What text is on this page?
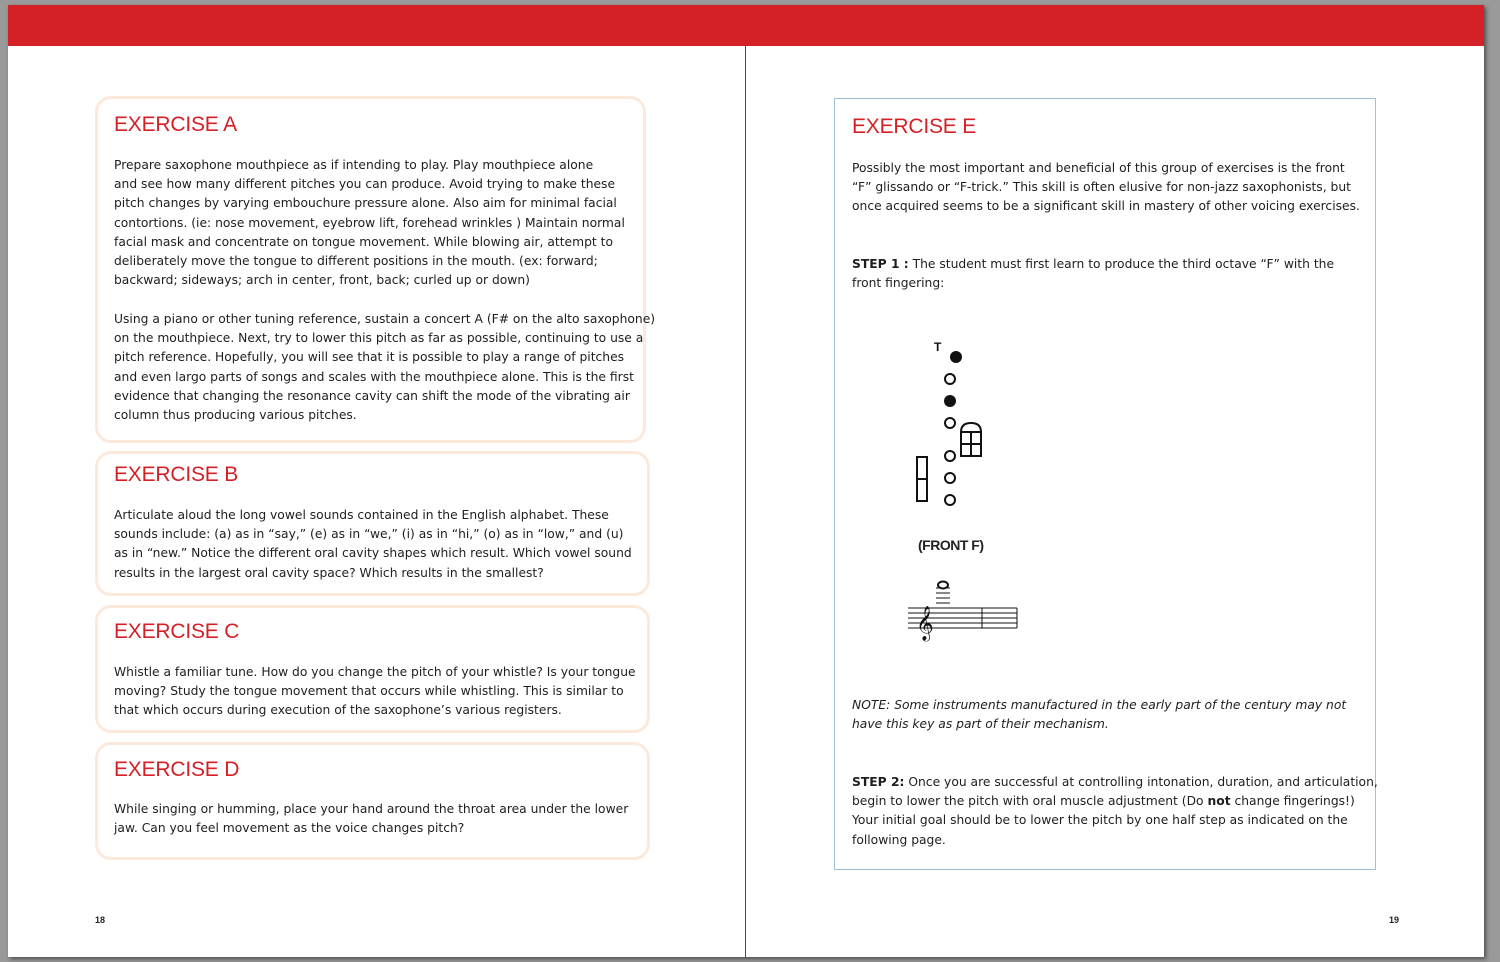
EXERCISE A
Prepare saxophone mouthpiece as if intending to play. Play mouthpiece alone
and see how many different pitches you can produce. Avoid trying to make these
pitch changes by varying embouchure pressure alone. Also aim for minimal facial
contortions. (ie: nose movement, eyebrow lift, forehead wrinkles ) Maintain normal
facial mask and concentrate on tongue movement. While blowing air, attempt to
deliberately move the tongue to different positions in the mouth. (ex: forward;
backward; sideways; arch in center, front, back; curled up or down)
Using a piano or other tuning reference, sustain a concert A (F# on the alto saxophone)
on the mouthpiece. Next, try to lower this pitch as far as possible, continuing to use a
pitch reference. Hopefully, you will see that it is possible to play a range of pitches
and even largo parts of songs and scales with the mouthpiece alone. This is the first
evidence that changing the resonance cavity can shift the mode of the vibrating air
column thus producing various pitches.
EXERCISE B
Articulate aloud the long vowel sounds contained in the English alphabet. These
sounds include: (a) as in “say,” (e) as in “we,” (i) as in “hi,” (o) as in “low,” and (u)
as in “new.” Notice the different oral cavity shapes which result. Which vowel sound
results in the largest oral cavity space? Which results in the smallest?
EXERCISE C
Whistle a familiar tune. How do you change the pitch of your whistle? Is your tongue
moving? Study the tongue movement that occurs while whistling. This is similar to
that which occurs during execution of the saxophone’s various registers.
EXERCISE D
While singing or humming, place your hand around the throat area under the lower
jaw. Can you feel movement as the voice changes pitch?
18
EXERCISE E
Possibly the most important and beneficial of this group of exercises is the front
“F” glissando or “F-trick.” This skill is often elusive for non-jazz saxophonists, but
once acquired seems to be a significant skill in mastery of other voicing exercises.
STEP 1 : The student must first learn to produce the third octave “F” with the
front fingering:
T
(FRONT F)
𝄞
NOTE: Some instruments manufactured in the early part of the century may not
have this key as part of their mechanism.
STEP 2: Once you are successful at controlling intonation, duration, and articulation,
begin to lower the pitch with oral muscle adjustment (Do not change fingerings!)
Your initial goal should be to lower the pitch by one half step as indicated on the
following page.
19
